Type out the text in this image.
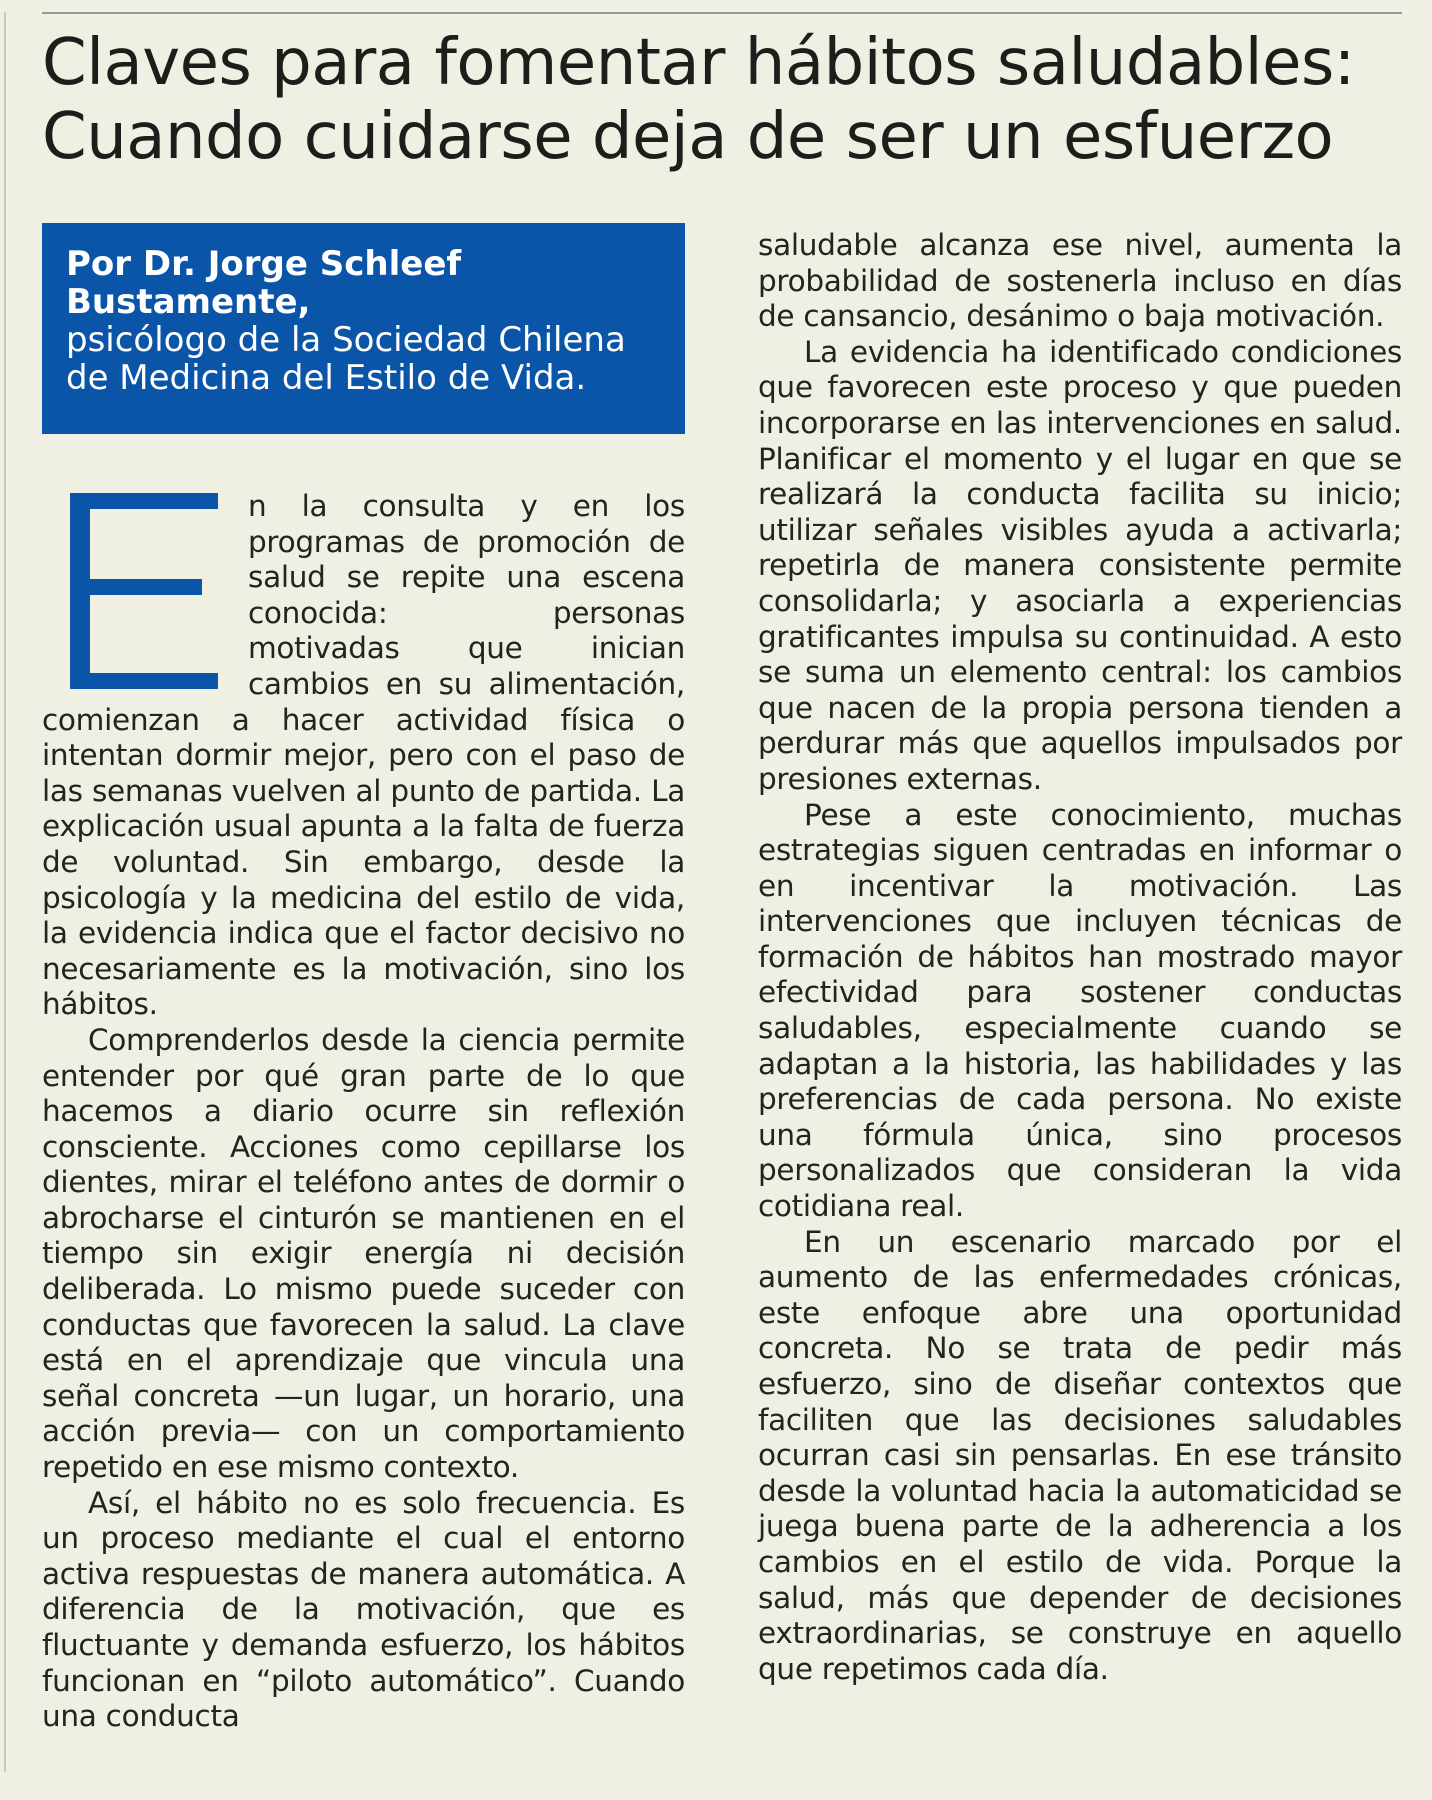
Claves para fomentar hábitos saludables:
Cuando cuidarse deja de ser un esfuerzo
Por Dr. Jorge Schleef
Bustamente,
psicólogo de la Sociedad Chilena
de Medicina del Estilo de Vida.

n la consulta y en los programas de promoción de salud se repite una escena conocida: personas motivadas que inician cambios en su alimentación, comienzan a hacer actividad física o intentan dormir mejor, pero con el paso de las semanas vuelven al punto de partida. La explicación usual apunta a la falta de fuerza de voluntad. Sin embargo, desde la psicología y la medicina del estilo de vida, la evidencia indica que el factor decisivo no necesariamente es la motivación, sino los hábitos.

Comprenderlos desde la ciencia permite entender por qué gran parte de lo que hacemos a diario ocurre sin reflexión consciente. Acciones como cepillarse los dientes, mirar el teléfono antes de dormir o abrocharse el cinturón se mantienen en el tiempo sin exigir energía ni decisión deliberada. Lo mismo puede suceder con conductas que favorecen la salud. La clave está en el aprendizaje que vincula una señal concreta —un lugar, un horario, una acción previa— con un comportamiento repetido en ese mismo contexto.

Así, el hábito no es solo frecuencia. Es un proceso mediante el cual el entorno activa respuestas de manera automática. A diferencia de la motivación, que es fluctuante y demanda esfuerzo, los hábitos funcionan en “piloto automático”. Cuando una conducta

saludable alcanza ese nivel, aumenta la probabilidad de sostenerla incluso en días de cansancio, desánimo o baja motivación.

La evidencia ha identificado condiciones que favorecen este proceso y que pueden incorporarse en las intervenciones en salud. Planificar el momento y el lugar en que se realizará la conducta facilita su inicio; utilizar señales visibles ayuda a activarla; repetirla de manera consistente permite consolidarla; y asociarla a experiencias gratificantes impulsa su continuidad. A esto se suma un elemento central: los cambios que nacen de la propia persona tienden a perdurar más que aquellos impulsados por presiones externas.

Pese a este conocimiento, muchas estrategias siguen centradas en informar o en incentivar la motivación. Las intervenciones que incluyen técnicas de formación de hábitos han mostrado mayor efectividad para sostener conductas saludables, especialmente cuando se adaptan a la historia, las habilidades y las preferencias de cada persona. No existe una fórmula única, sino procesos personalizados que consideran la vida cotidiana real.

En un escenario marcado por el aumento de las enfermedades crónicas, este enfoque abre una oportunidad concreta. No se trata de pedir más esfuerzo, sino de diseñar contextos que faciliten que las decisiones saludables ocurran casi sin pensarlas. En ese tránsito desde la voluntad hacia la automaticidad se juega buena parte de la adherencia a los cambios en el estilo de vida. Porque la salud, más que depender de decisiones extraordinarias, se construye en aquello que repetimos cada día.
